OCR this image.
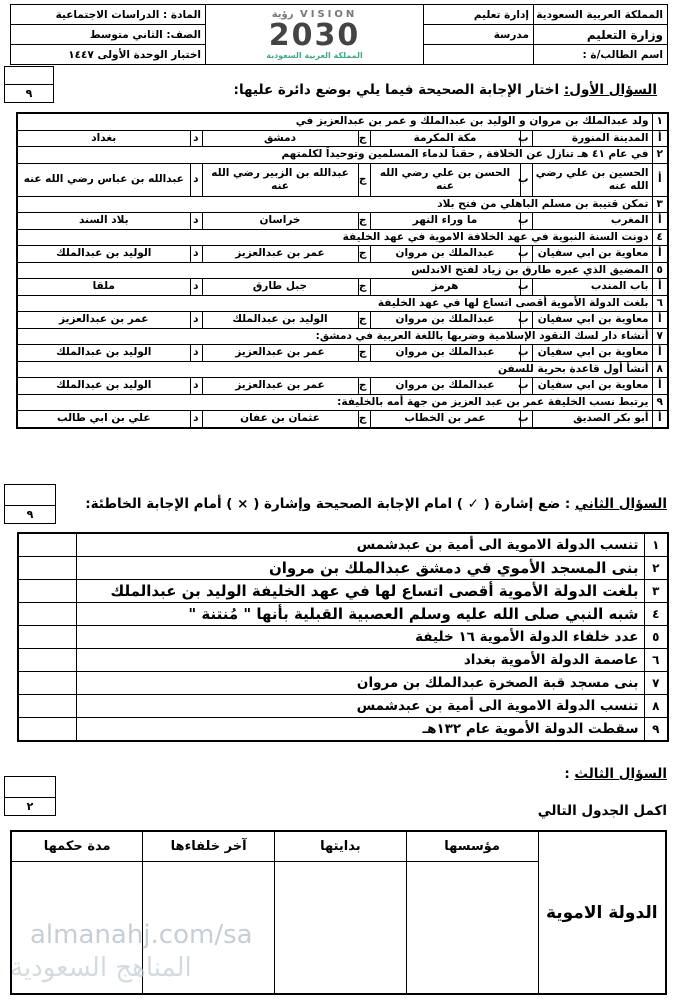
المملكة العربية السعودية	إدارة تعليم	VISION رؤية
2030
المملكة العربية السعودية	المادة : الدراسات الاجتماعية
وزارة التعليم	مدرسة		الصف: الثاني متوسط
اسم الطالب/ة :			اختبار الوحدة الأولى ١٤٤٧

٩	السؤال الأول: اختار الإجابة الصحيحة فيما يلي بوضع دائرة عليها:
١	ولد عبدالملك بن مروان و الوليد بن عبدالملك و عمر بن عبدالعزيز في						
أ	المدينة المنورة	ب	مكة المكرمة	ج	دمشق	د	بغداد
٢	في عام ٤١ هـ تنازل عن الخلافة , حقناً لدماء المسلمين وتوحيداً لكلمتهم						
أ	الحسين بن علي رضي الله عنه	ب	الحسن بن علي رضي الله عنه	ج	عبدالله بن الزبير رضي الله عنه	د	عبدالله بن عباس رضي الله عنه
٣	تمكن قتيبة بن مسلم الباهلي من فتح بلاد						
أ	المغرب	ب	ما وراء النهر	ج	خراسان	د	بلاد السند
٤	دونت السنة النبوية في عهد الخلافة الاموية في عهد الخليفة						
أ	معاوية بن ابي سفيان	ب	عبدالملك بن مروان	ج	عمر بن عبدالعزيز	د	الوليد بن عبدالملك
٥	المضيق الذي عبره طارق بن زياد لفتح الاندلس						
أ	باب المندب	ب	هرمز	ج	جبل طارق	د	ملقا
٦	بلغت الدولة الأموية أقصى اتساع لها في عهد الخليفة						
أ	معاوية بن ابي سفيان	ب	عبدالملك بن مروان	ج	الوليد بن عبدالملك	د	عمر بن عبدالعزيز
٧	أنشاء دار لسك النقود الإسلامية وضربها باللغة العربية في دمشق:						
أ	معاوية بن ابي سفيان	ب	عبدالملك بن مروان	ج	عمر بن عبدالعزيز	د	الوليد بن عبدالملك
٨	أنشأ أول قاعدة بحرية للسفن						
أ	معاوية بن ابي سفيان	ب	عبدالملك بن مروان	ج	عمر بن عبدالعزيز	د	الوليد بن عبدالملك
٩	يرتبط نسب الخليفة عمر بن عبد العزيز من جهة أمه بالخليفة:						
أ	أبو بكر الصديق	ب	عمر بن الخطاب	ج	عثمان بن عفان	د	علي بن ابي طالب

٩
السؤال الثاني : ضع إشارة ( ✓ ) امام الإجابة الصحيحة وإشارة ( × ) أمام الإجابة الخاطئة:
١	تنسب الدولة الاموية الى أمية بن عبدشمس	
٢	بنى المسجد الأموي في دمشق عبدالملك بن مروان	
٣	بلغت الدولة الأموية أقصى اتساع لها في عهد الخليفة الوليد بن عبدالملك	
٤	شبه النبي صلى الله عليه وسلم العصبية القبلية بأنها " مُنتنة "	
٥	عدد خلفاء الدولة الأموية ١٦ خليفة	
٦	عاصمة الدولة الأموية بغداد	
٧	بنى مسجد قبة الصخرة عبدالملك بن مروان	
٨	تنسب الدولة الاموية الى أمية بن عبدشمس	
٩	سقطت الدولة الأموية عام ١٣٢هـ	
السؤال الثالث :

٢	اكمل الجدول التالي
الدولة الاموية	مؤسسها	بدايتها	آخر خلفاءها	مدة حكمها

almanahj.com/sa
المناهج السعودية
